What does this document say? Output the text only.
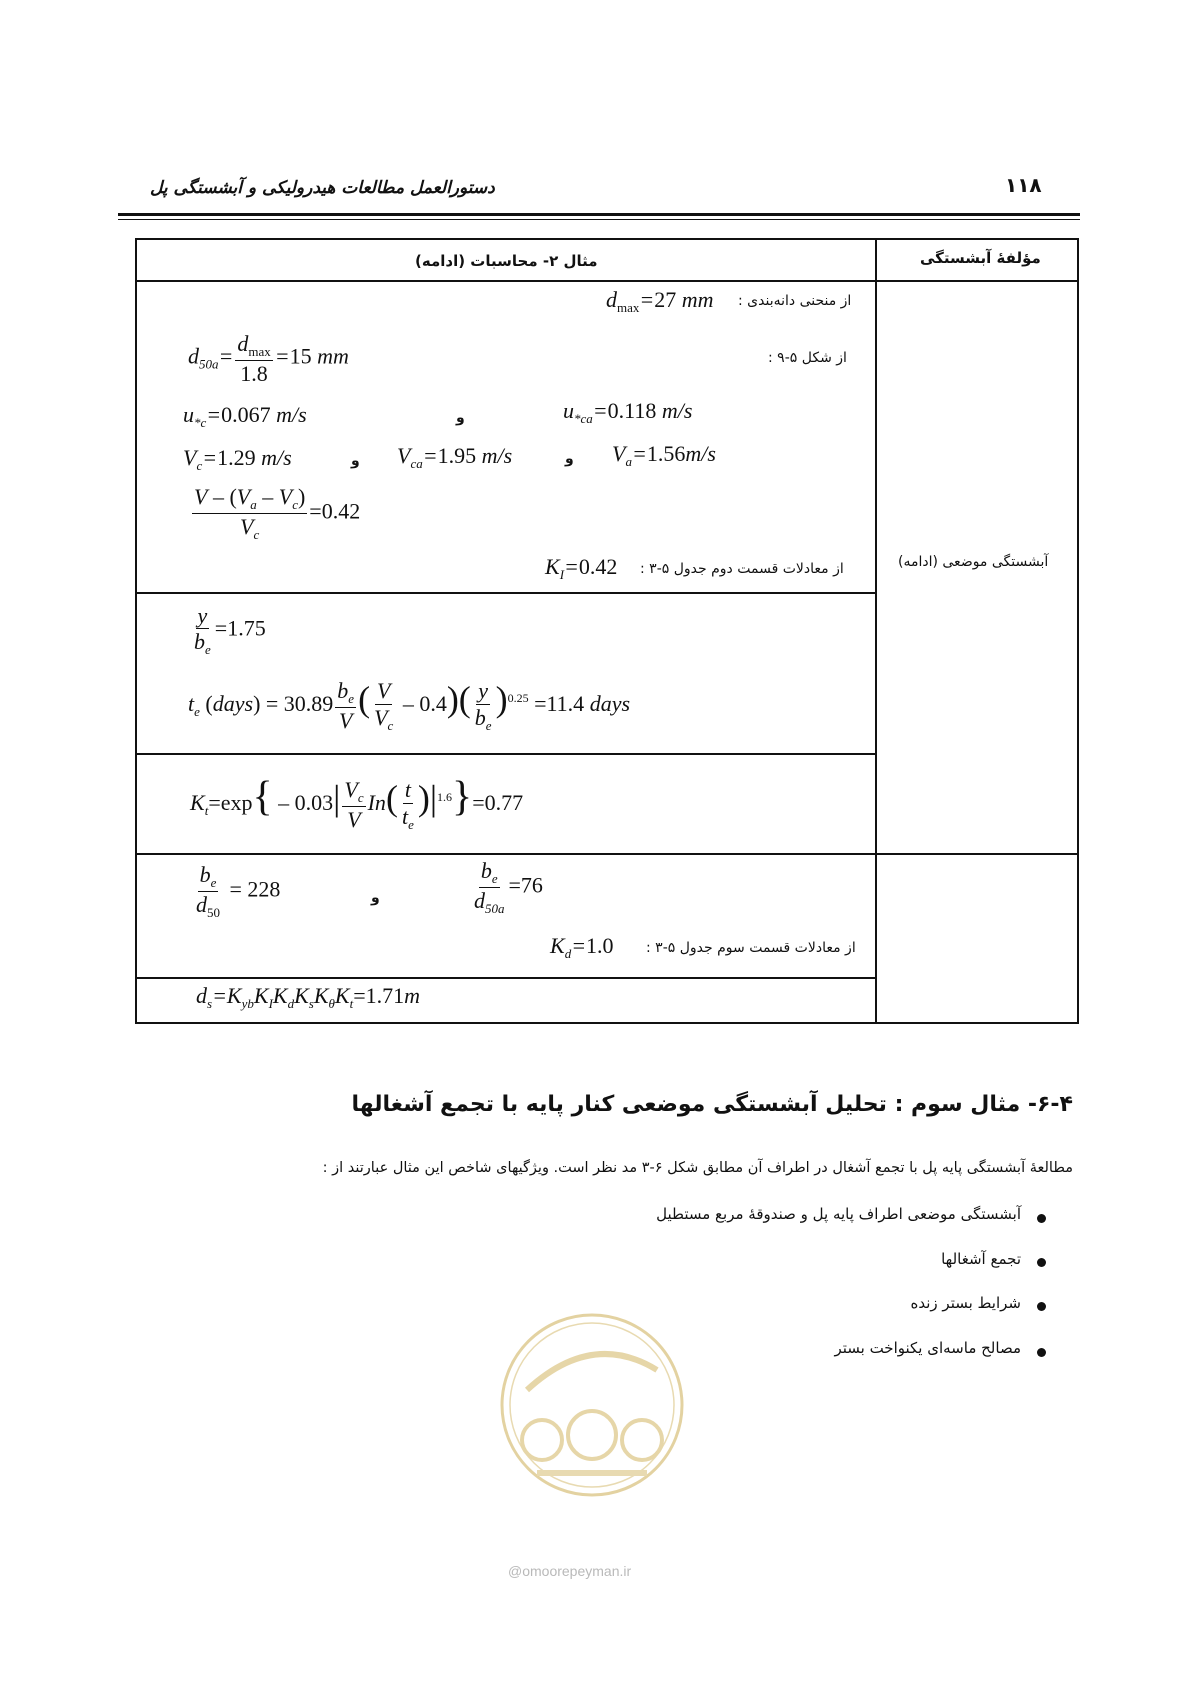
۱۱۸
دستورالعمل مطالعات هیدرولیکی و آبشستگی پل
مؤلفهٔ آبشستگی
مثال ۲- محاسبات (ادامه)
آبشستگی موضعی (ادامه)
از منحنی دانه‌بندی :
$d_{max}=27$ mm
از شکل ۵-۹ :
$d_{50a}= \frac{d_{max}}{1.8} =15$ mm
$u_{*c}=0.067$ m/s	و	$u_{*ca}=0.118$ m/s
$V_c=1.29$ m/s	و $V_{ca}=1.95$ m/s	و $V_a=1.56m/s$
$\frac{V - (V_a - V_c)}{V_c} =0.42$
از معادلات قسمت دوم جدول ۵-۳ :
$K_I=0.42$
$\frac{y}{b_e} =1.75$
$t_e$ (days) = $30.89 \frac{b_e}{V}$ ( $\frac{V}{V_c} - 0.4)( \frac{y}{b_e} )^{0.25} =11.4$ days
$K_t=\exp\{ - 0.03| \frac{V_c}{V} In( \frac{t}{t_e} )|^{1.6}\}=0.77$
$\frac{b_e}{d_{50}} = 228$	و	$\frac{b_e}{d_{50a}} =76$
از معادلات قسمت سوم جدول ۵-۳ :
$K_d=1.0$
$d_s=K_{yb}K_IK_dK_sK_\theta K_t=1.71m$
۶-۴- مثال سوم : تحلیل آبشستگی موضعی کنار پایه با تجمع آشغالها
مطالعهٔ آبشستگی پایه پل با تجمع آشغال در اطراف آن مطابق شکل ۶-۳ مد نظر است. ویژگیهای شاخص این مثال عبارتند از :
آبشستگی موضعی اطراف پایه پل و صندوقهٔ مربع مستطیل
تجمع آشغالها
شرایط بستر زنده
مصالح ماسه‌ای یکنواخت بستر
@omoorepeyman.ir
